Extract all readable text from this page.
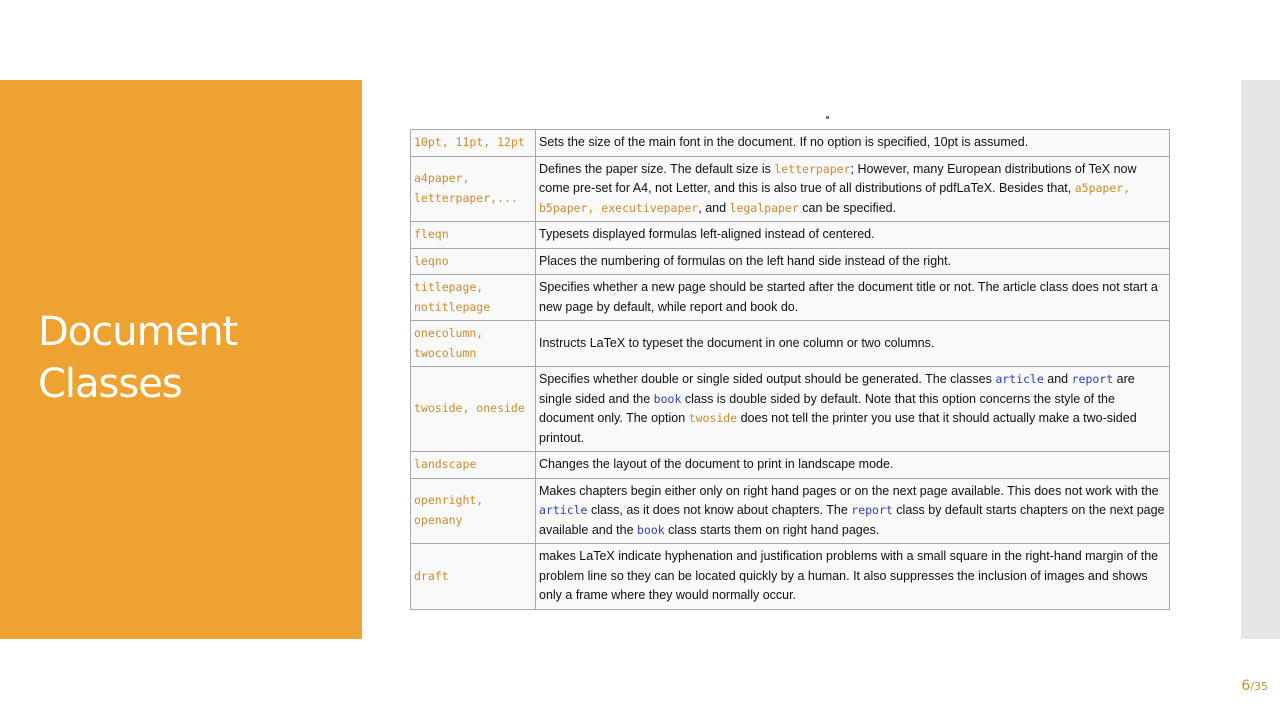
Document Classes
10pt, 11pt, 12pt	Sets the size of the main font in the document. If no option is specified, 10pt is assumed.
a4paper, letterpaper,...	Defines the paper size. The default size is letterpaper; However, many European distributions of TeX now come pre-set for A4, not Letter, and this is also true of all distributions of pdfLaTeX. Besides that, a5paper, b5paper, executivepaper, and legalpaper can be specified.
fleqn	Typesets displayed formulas left-aligned instead of centered.
leqno	Places the numbering of formulas on the left hand side instead of the right.
titlepage, notitlepage	Specifies whether a new page should be started after the document title or not. The article class does not start a new page by default, while report and book do.
onecolumn, twocolumn	Instructs LaTeX to typeset the document in one column or two columns.
twoside, oneside	Specifies whether double or single sided output should be generated. The classes article and report are single sided and the book class is double sided by default. Note that this option concerns the style of the document only. The option twoside does not tell the printer you use that it should actually make a two-sided printout.
landscape	Changes the layout of the document to print in landscape mode.
openright, openany	Makes chapters begin either only on right hand pages or on the next page available. This does not work with the article class, as it does not know about chapters. The report class by default starts chapters on the next page available and the book class starts them on right hand pages.
draft	makes LaTeX indicate hyphenation and justification problems with a small square in the right-hand margin of the problem line so they can be located quickly by a human. It also suppresses the inclusion of images and shows only a frame where they would normally occur.
6/35
